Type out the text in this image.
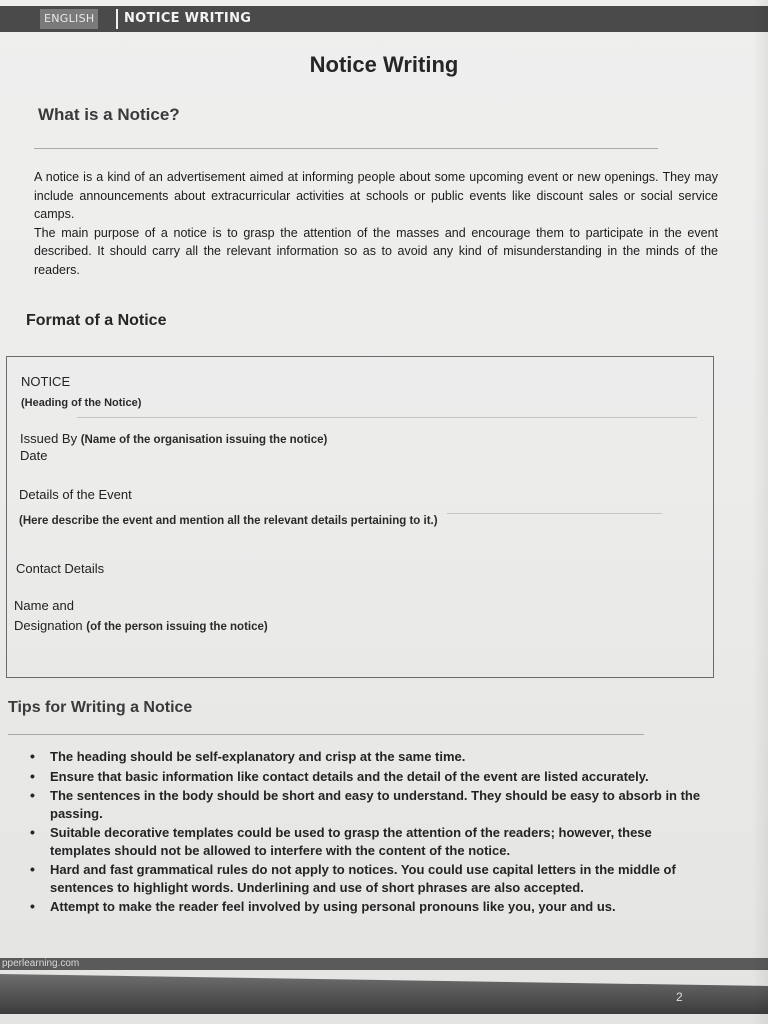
ENGLISH	NOTICE WRITING
Notice Writing
What is a Notice?

A notice is a kind of an advertisement aimed at informing people about some upcoming event or new openings. They may include announcements about extracurricular activities at schools or public events like discount sales or social service camps.

The main purpose of a notice is to grasp the attention of the masses and encourage them to participate in the event described. It should carry all the relevant information so as to avoid any kind of misunderstanding in the minds of the readers.

Format of a Notice
NOTICE
(Heading of the Notice)
Issued By (Name of the organisation issuing the notice)
Date
Details of the Event
(Here describe the event and mention all the relevant details pertaining to it.)
Contact Details
Name and
Designation (of the person issuing the notice)
Tips for Writing a Notice
• The heading should be self-explanatory and crisp at the same time.
• Ensure that basic information like contact details and the detail of the event are listed accurately.
• The sentences in the body should be short and easy to understand. They should be easy to absorb in the passing.
• Suitable decorative templates could be used to grasp the attention of the readers; however, these templates should not be allowed to interfere with the content of the notice.
• Hard and fast grammatical rules do not apply to notices. You could use capital letters in the middle of sentences to highlight words. Underlining and use of short phrases are also accepted.
• Attempt to make the reader feel involved by using personal pronouns like you, your and us.
pperlearning.com
2
